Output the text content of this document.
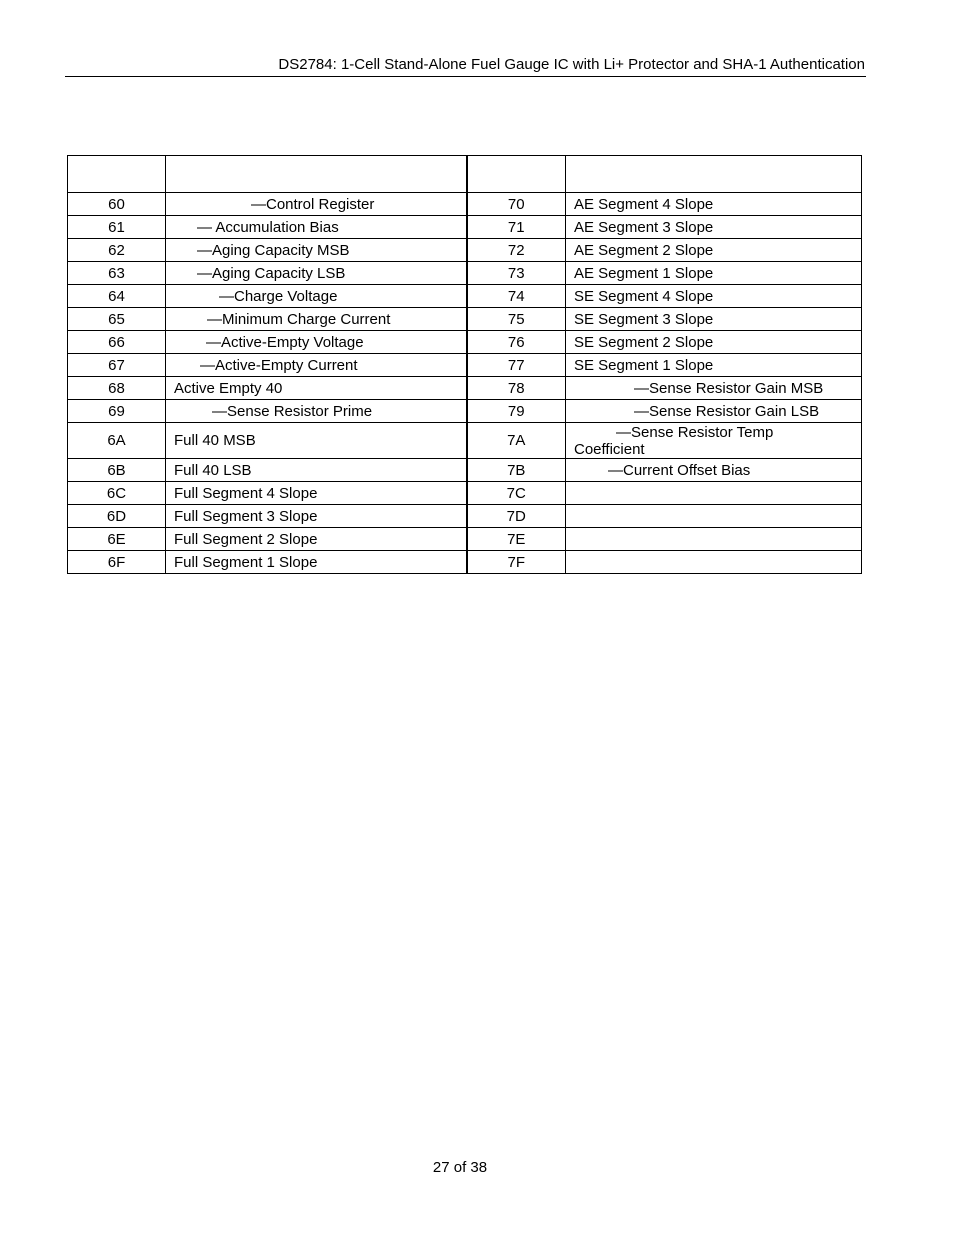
DS2784: 1-Cell Stand-Alone Fuel Gauge IC with Li+ Protector and SHA-1 Authentication

60	—Control Register	70	AE Segment 4 Slope
61	— Accumulation Bias	71	AE Segment 3 Slope
62	—Aging Capacity MSB	72	AE Segment 2 Slope
63	—Aging Capacity LSB	73	AE Segment 1 Slope
64	—Charge Voltage	74	SE Segment 4 Slope
65	—Minimum Charge Current	75	SE Segment 3 Slope
66	—Active-Empty Voltage	76	SE Segment 2 Slope
67	—Active-Empty Current	77	SE Segment 1 Slope
68	Active Empty 40	78	—Sense Resistor Gain MSB
69	—Sense Resistor Prime	79	—Sense Resistor Gain LSB
6A	Full 40 MSB	7A	—Sense Resistor Temp
Coefficient
6B	Full 40 LSB	7B	—Current Offset Bias
6C	Full Segment 4 Slope	7C	
6D	Full Segment 3 Slope	7D	
6E	Full Segment 2 Slope	7E	
6F	Full Segment 1 Slope	7F	
27 of 38
